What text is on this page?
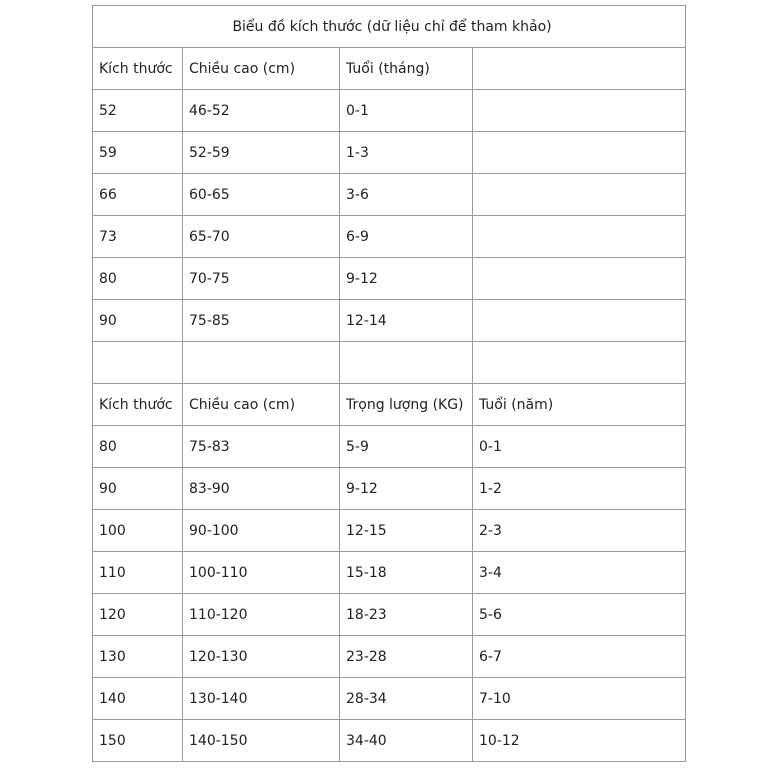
Biểu đồ kích thước (dữ liệu chỉ để tham khảo)			
Kích thước	Chiều cao (cm)	Tuổi (tháng)	
52	46-52	0-1	
59	52-59	1-3	
66	60-65	3-6	
73	65-70	6-9	
80	70-75	9-12	
90	75-85	12-14	

Kích thước	Chiều cao (cm)	Trọng lượng (KG)	Tuổi (năm)
80	75-83	5-9	0-1
90	83-90	9-12	1-2
100	90-100	12-15	2-3
110	100-110	15-18	3-4
120	110-120	18-23	5-6
130	120-130	23-28	6-7
140	130-140	28-34	7-10
150	140-150	34-40	10-12
